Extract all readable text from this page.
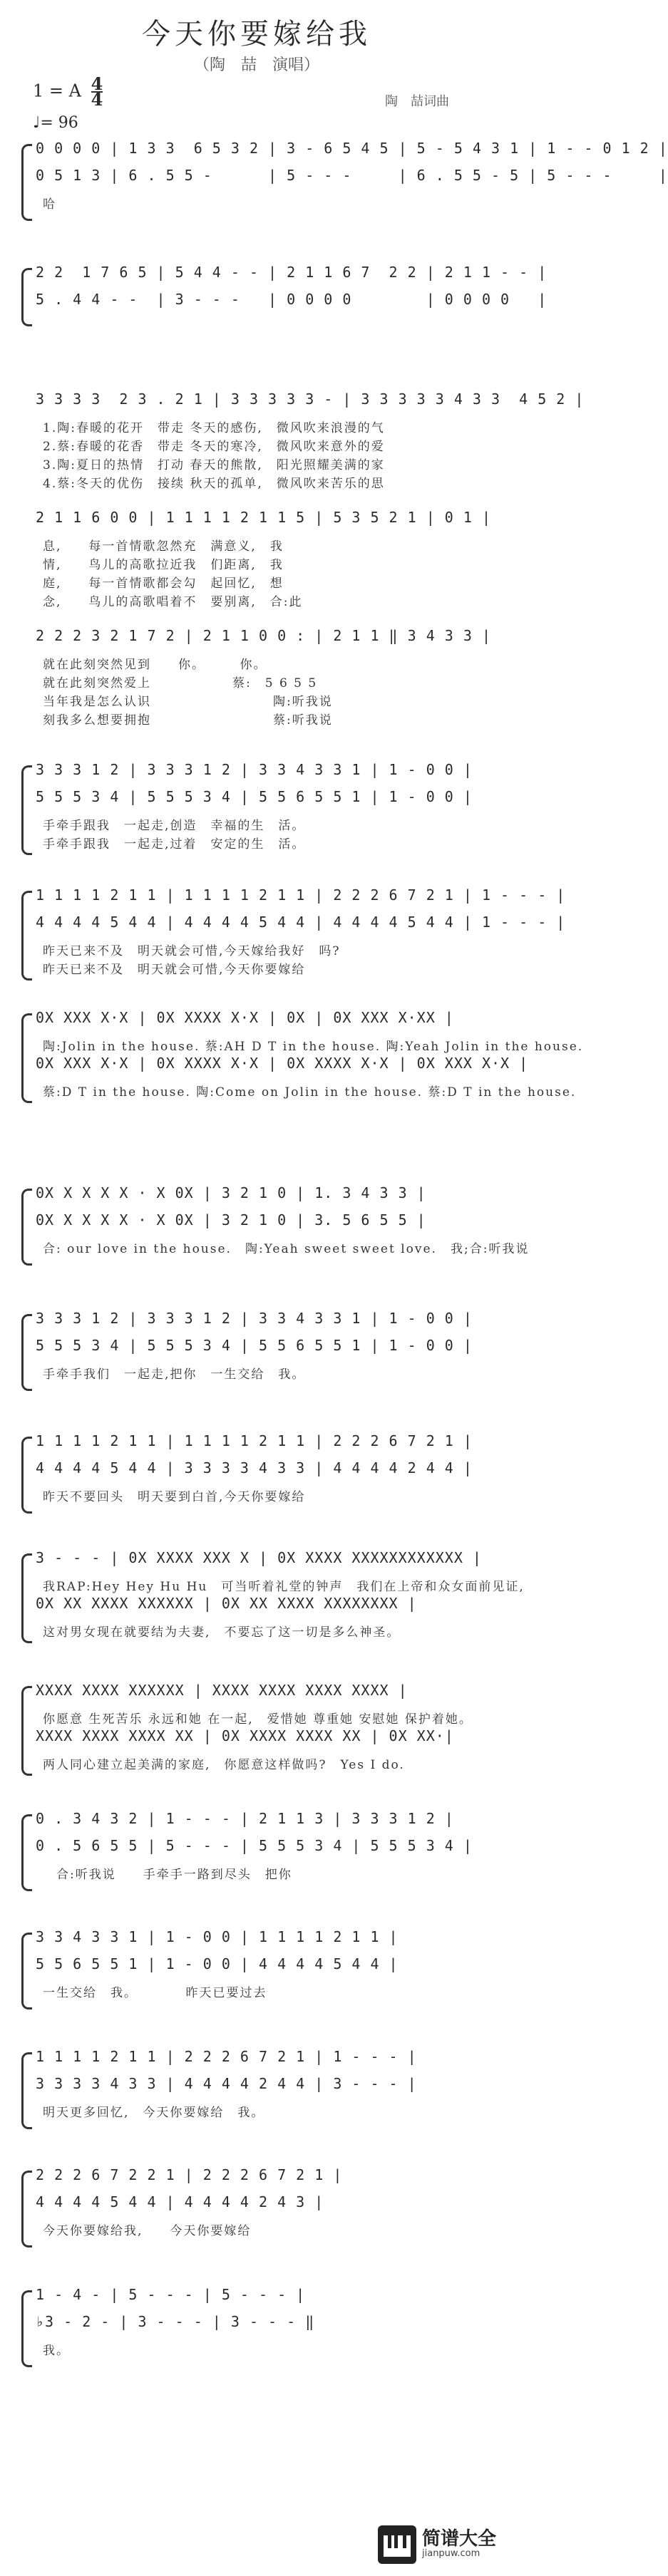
今天你要嫁给我
（陶　喆　演唱）
1 = A $\frac{4}{4}$
♩= 96
陶　喆词曲
0 0 0 0 | 1 3 3  6 5 3 2 | 3 - 6 5 4 5 | 5 - 5 4 3 1 | 1 - - 0 1 2 |
0 5 1 3 | 6 . 5 5 -      | 5 - - -     | 6 . 5 5 - 5 | 5 - - -     |
哈
2 2  1 7 6 5 | 5 4 4 - - | 2 1 1 6 7  2 2 | 2 1 1 - - |
5 . 4 4 - -  | 3 - - -   | 0 0 0 0        | 0 0 0 0   |
3 3 3 3  2 3 . 2 1 | 3 3 3 3 3 - | 3 3 3 3 3 4 3 3  4 5 2 |
1.陶:春暖的花开　带走 冬天的感伤,　微风吹来浪漫的气
2.蔡:春暖的花香　带走 冬天的寒冷,　微风吹来意外的爱
3.陶:夏日的热情　打动 春天的熊散,　阳光照耀美满的家
4.蔡:冬天的优伤　接续 秋天的孤单,　微风吹来苦乐的思
2 1 1 6 0 0 | 1 1 1 1 2 1 1 5 | 5 3 5 2 1 | 0 1 |
息,　　每一首情歌忽然充　满意义,　我
情,　　鸟儿的高歌拉近我　们距离,　我
庭,　　每一首情歌都会勾　起回忆,　想
念,　　鸟儿的高歌唱着不　要别离,　合:此
2 2 2 3 2 1 7 2 | 2 1 1 0 0 : | 2 1 1 ‖ 3 4 3 3 |
就在此刻突然见到　　你。　　　你。　　　　　　
就在此刻突然爱上　　　　　　蔡:　5 6 5 5
当年我是怎么认识　　　　　　　　　陶:听我说
刻我多么想要拥抱　　　　　　　　　蔡:听我说
3 3 3 1 2 | 3 3 3 1 2 | 3 3 4 3 3 1 | 1 - 0 0 |
5 5 5 3 4 | 5 5 5 3 4 | 5 5 6 5 5 1 | 1 - 0 0 |
手牵手跟我　一起走,创造　幸福的生　活。
手牵手跟我　一起走,过着　安定的生　活。
1 1 1 1 2 1 1 | 1 1 1 1 2 1 1 | 2 2 2 6 7 2 1 | 1 - - - |
4 4 4 4 5 4 4 | 4 4 4 4 5 4 4 | 4 4 4 4 5 4 4 | 1 - - - |
昨天已来不及　明天就会可惜,今天嫁给我好　吗?
昨天已来不及　明天就会可惜,今天你要嫁给　　
0X XXX X·X | 0X XXXX X·X | 0X | 0X XXX X·XX |
陶:Jolin in the house. 蔡:AH D T in the house. 陶:Yeah Jolin in the house.
0X XXX X·X | 0X XXXX X·X | 0X XXXX X·X | 0X XXX X·X |
蔡:D T in the house. 陶:Come on Jolin in the house. 蔡:D T in the house.
0X X X X X · X 0X | 3 2 1 0 | 1. 3 4 3 3 |
0X X X X X · X 0X | 3 2 1 0 | 3. 5 6 5 5 |
合: our love in the house.　陶:Yeah sweet sweet love.　我;合:听我说
3 3 3 1 2 | 3 3 3 1 2 | 3 3 4 3 3 1 | 1 - 0 0 |
5 5 5 3 4 | 5 5 5 3 4 | 5 5 6 5 5 1 | 1 - 0 0 |
手牵手我们　一起走,把你　一生交给　我。
1 1 1 1 2 1 1 | 1 1 1 1 2 1 1 | 2 2 2 6 7 2 1 |
4 4 4 4 5 4 4 | 3 3 3 3 4 3 3 | 4 4 4 4 2 4 4 |
昨天不要回头　明天要到白首,今天你要嫁给
3 - - - | 0X XXXX XXX X | 0X XXXX XXXXXXXXXXXX |
我RAP:Hey Hey Hu Hu　可当听着礼堂的钟声　我们在上帝和众女面前见证,
0X XX XXXX XXXXXX | 0X XX XXXX XXXXXXXX |
这对男女现在就要结为夫妻,　不要忘了这一切是多么神圣。
XXXX XXXX XXXXXX | XXXX XXXX XXXX XXXX |
你愿意 生死苦乐 永远和她 在一起,　爱惜她 尊重她 安慰她 保护着她。
XXXX XXXX XXXX XX | 0X XXXX XXXX XX | 0X XX·|
两人同心建立起美满的家庭,　你愿意这样做吗?　Yes I do.
0 . 3 4 3 2 | 1 - - - | 2 1 1 3 | 3 3 3 1 2 |
0 . 5 6 5 5 | 5 - - - | 5 5 5 3 4 | 5 5 5 3 4 |
　合:听我说　　手牵手一路到尽头　把你
3 3 4 3 3 1 | 1 - 0 0 | 1 1 1 1 2 1 1 |
5 5 6 5 5 1 | 1 - 0 0 | 4 4 4 4 5 4 4 |
一生交给　我。　　　　昨天已要过去
1 1 1 1 2 1 1 | 2 2 2 6 7 2 1 | 1 - - - |
3 3 3 3 4 3 3 | 4 4 4 4 2 4 4 | 3 - - - |
明天更多回忆,　今天你要嫁给　我。
2 2 2 6 7 2 2 1 | 2 2 2 6 7 2 1 |
4 4 4 4 5 4 4 | 4 4 4 4 2 4 3 |
今天你要嫁给我,　　今天你要嫁给
1 - 4 - | 5 - - - | 5 - - - |
♭3 - 2 - | 3 - - - | 3 - - - ‖
我。
简谱大全
jianpuw.com
